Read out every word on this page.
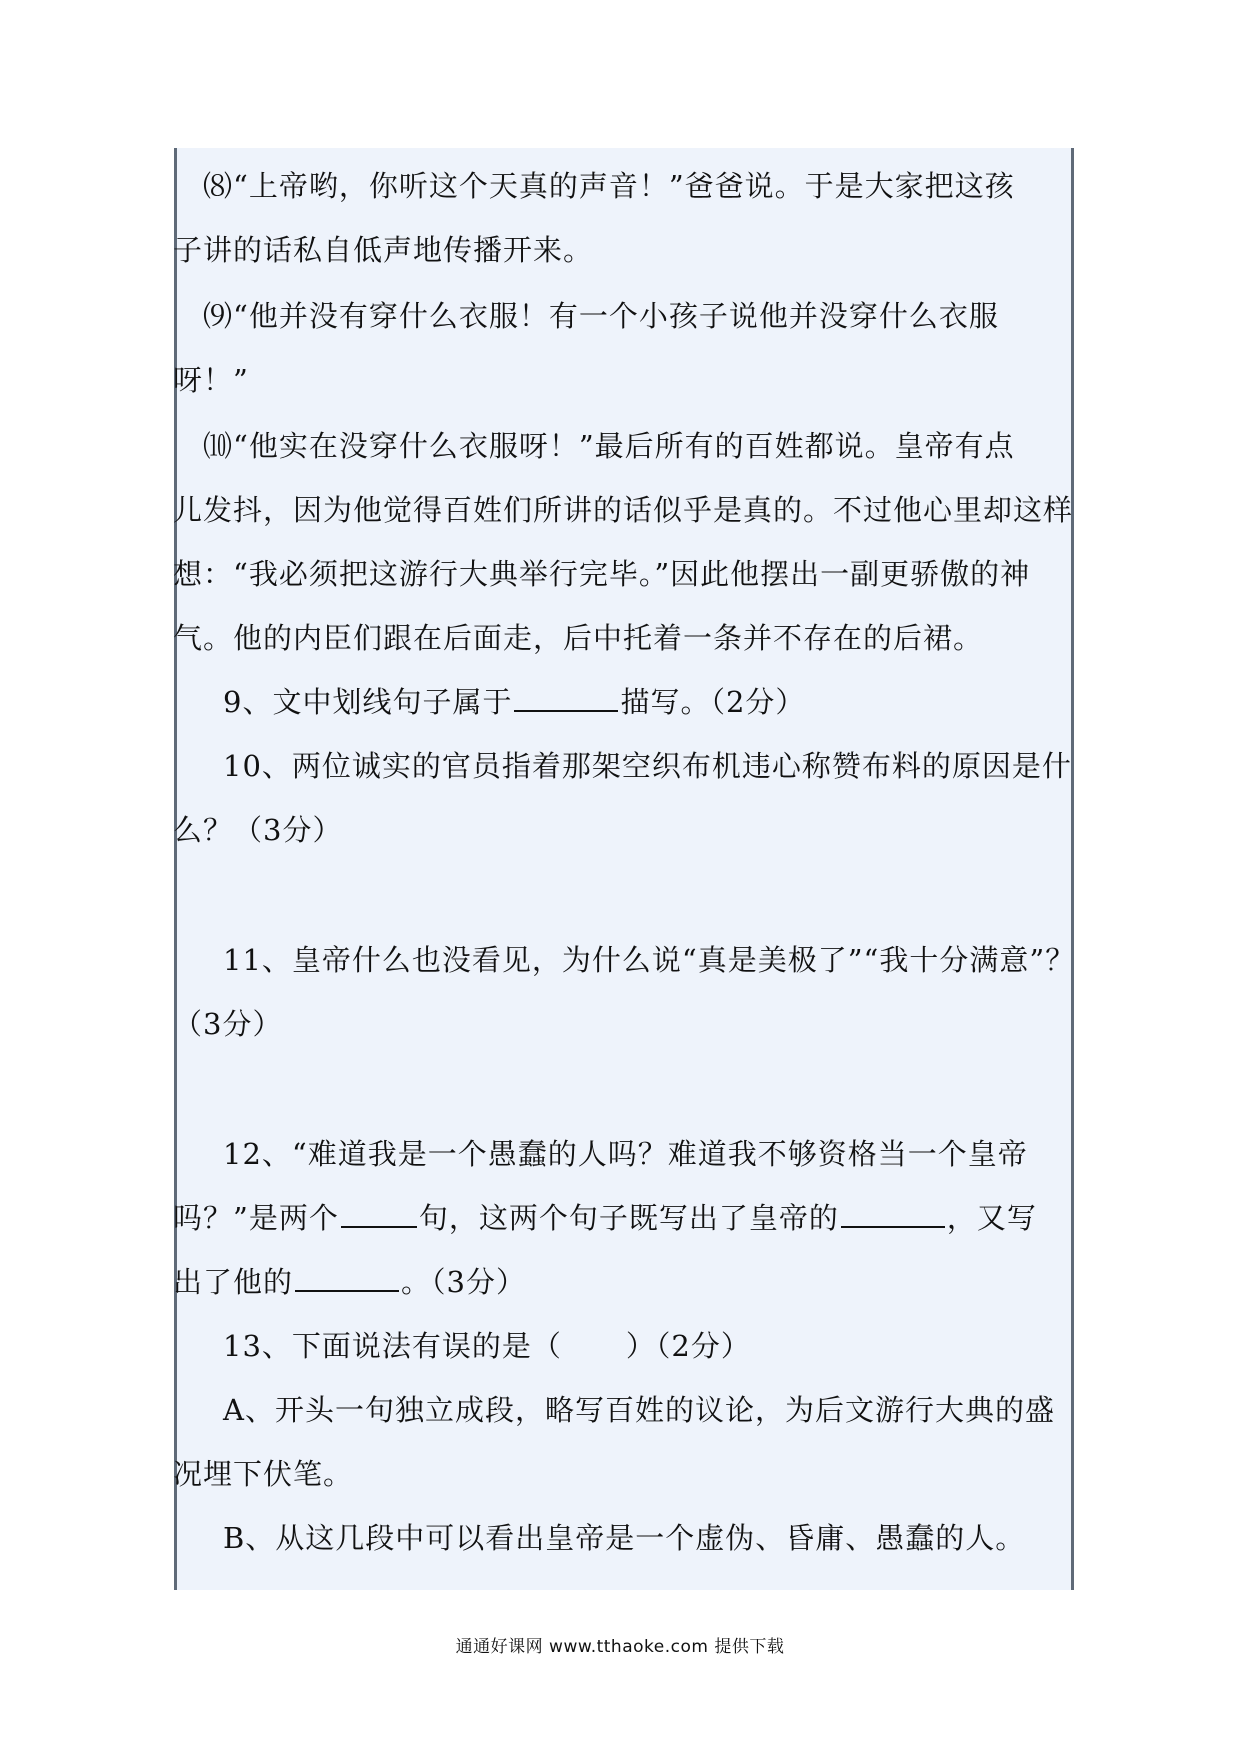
⑻“上帝哟，你听这个天真的声音！”爸爸说。于是大家把这孩
子讲的话私自低声地传播开来。
⑼“他并没有穿什么衣服！有一个小孩子说他并没穿什么衣服
呀！”
⑽“他实在没穿什么衣服呀！”最后所有的百姓都说。皇帝有点
儿发抖，因为他觉得百姓们所讲的话似乎是真的。不过他心里却这样
想：“我必须把这游行大典举行完毕。”因此他摆出一副更骄傲的神
气。他的内臣们跟在后面走，后中托着一条并不存在的后裙。
9、文中划线句子属于	描写。（2分）
10、两位诚实的官员指着那架空织布机违心称赞布料的原因是什
么？（3分）
11、皇帝什么也没看见，为什么说“真是美极了”“我十分满意”？
（3分）
12、“难道我是一个愚蠢的人吗？难道我不够资格当一个皇帝
吗？”是两个	句，这两个句子既写出了皇帝的	，又写
出了他的	。（3分）
13、下面说法有误的是（ ）（2分）
A、开头一句独立成段，略写百姓的议论，为后文游行大典的盛
况埋下伏笔。
B、从这几段中可以看出皇帝是一个虚伪、昏庸、愚蠢的人。
通通好课网 www.tthaoke.com 提供下载
